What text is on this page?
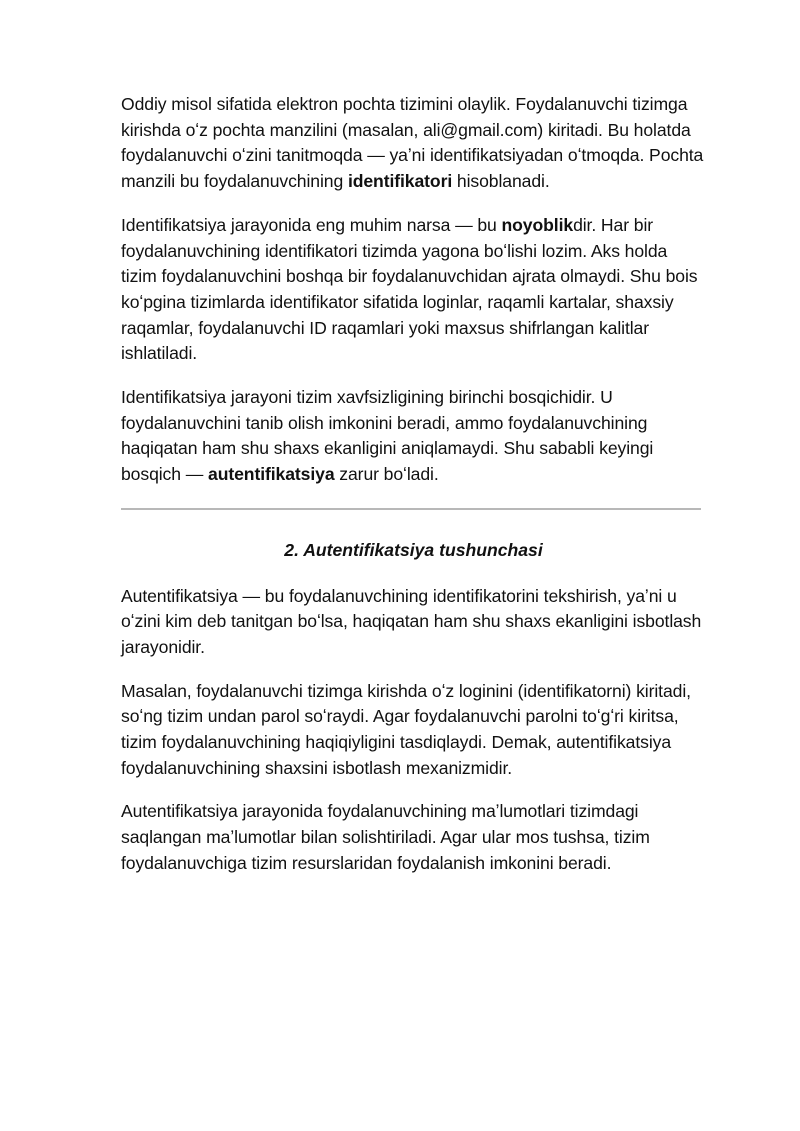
Oddiy misol sifatida elektron pochta tizimini olaylik. Foydalanuvchi tizimga kirishda oʻz pochta manzilini (masalan, ali@gmail.com) kiritadi. Bu holatda foydalanuvchi oʻzini tanitmoqda — yaʼni identifikatsiyadan oʻtmoqda. Pochta manzili bu foydalanuvchining identifikatori hisoblanadi.

Identifikatsiya jarayonida eng muhim narsa — bu noyoblikdir. Har bir foydalanuvchining identifikatori tizimda yagona boʻlishi lozim. Aks holda tizim foydalanuvchini boshqa bir foydalanuvchidan ajrata olmaydi. Shu bois koʻpgina tizimlarda identifikator sifatida loginlar, raqamli kartalar, shaxsiy raqamlar, foydalanuvchi ID raqamlari yoki maxsus shifrlangan kalitlar ishlatiladi.

Identifikatsiya jarayoni tizim xavfsizligining birinchi bosqichidir. U foydalanuvchini tanib olish imkonini beradi, ammo foydalanuvchining haqiqatan ham shu shaxs ekanligini aniqlamaydi. Shu sababli keyingi bosqich — autentifikatsiya zarur boʻladi.

2. Autentifikatsiya tushunchasi

Autentifikatsiya — bu foydalanuvchining identifikatorini tekshirish, yaʼni u oʻzini kim deb tanitgan boʻlsa, haqiqatan ham shu shaxs ekanligini isbotlash jarayonidir.

Masalan, foydalanuvchi tizimga kirishda oʻz loginini (identifikatorni) kiritadi, soʻng tizim undan parol soʻraydi. Agar foydalanuvchi parolni toʻgʻri kiritsa, tizim foydalanuvchining haqiqiyligini tasdiqlaydi. Demak, autentifikatsiya foydalanuvchining shaxsini isbotlash mexanizmidir.

Autentifikatsiya jarayonida foydalanuvchining maʼlumotlari tizimdagi saqlangan maʼlumotlar bilan solishtiriladi. Agar ular mos tushsa, tizim foydalanuvchiga tizim resurslaridan foydalanish imkonini beradi.
